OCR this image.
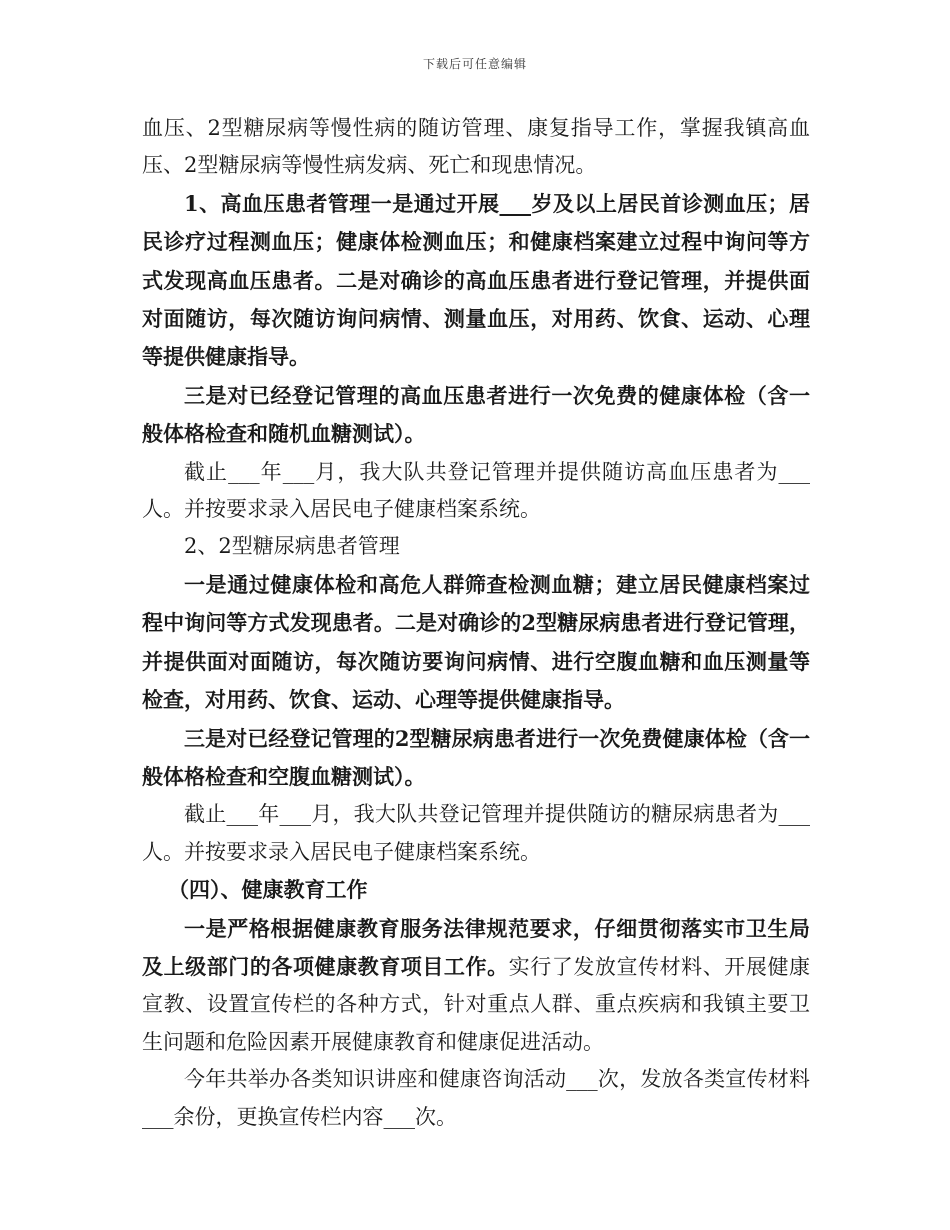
下载后可任意编辑

血压、2型糖尿病等慢性病的随访管理、康复指导工作，掌握我镇高血压、2型糖尿病等慢性病发病、死亡和现患情况。

1、高血压患者管理一是通过开展___岁及以上居民首诊测血压；居民诊疗过程测血压；健康体检测血压；和健康档案建立过程中询问等方式发现高血压患者。二是对确诊的高血压患者进行登记管理，并提供面对面随访，每次随访询问病情、测量血压，对用药、饮食、运动、心理等提供健康指导。

三是对已经登记管理的高血压患者进行一次免费的健康体检（含一般体格检查和随机血糖测试）。

截止___年___月，我大队共登记管理并提供随访高血压患者为___人。并按要求录入居民电子健康档案系统。

2、2型糖尿病患者管理

一是通过健康体检和高危人群筛查检测血糖；建立居民健康档案过程中询问等方式发现患者。二是对确诊的2型糖尿病患者进行登记管理，并提供面对面随访，每次随访要询问病情、进行空腹血糖和血压测量等检查，对用药、饮食、运动、心理等提供健康指导。

三是对已经登记管理的2型糖尿病患者进行一次免费健康体检（含一般体格检查和空腹血糖测试）。

截止___年___月，我大队共登记管理并提供随访的糖尿病患者为___人。并按要求录入居民电子健康档案系统。

（四）、健康教育工作

一是严格根据健康教育服务法律规范要求，仔细贯彻落实市卫生局及上级部门的各项健康教育项目工作。实行了发放宣传材料、开展健康宣教、设置宣传栏的各种方式，针对重点人群、重点疾病和我镇主要卫生问题和危险因素开展健康教育和健康促进活动。

今年共举办各类知识讲座和健康咨询活动___次，发放各类宣传材料___余份，更换宣传栏内容___次。
